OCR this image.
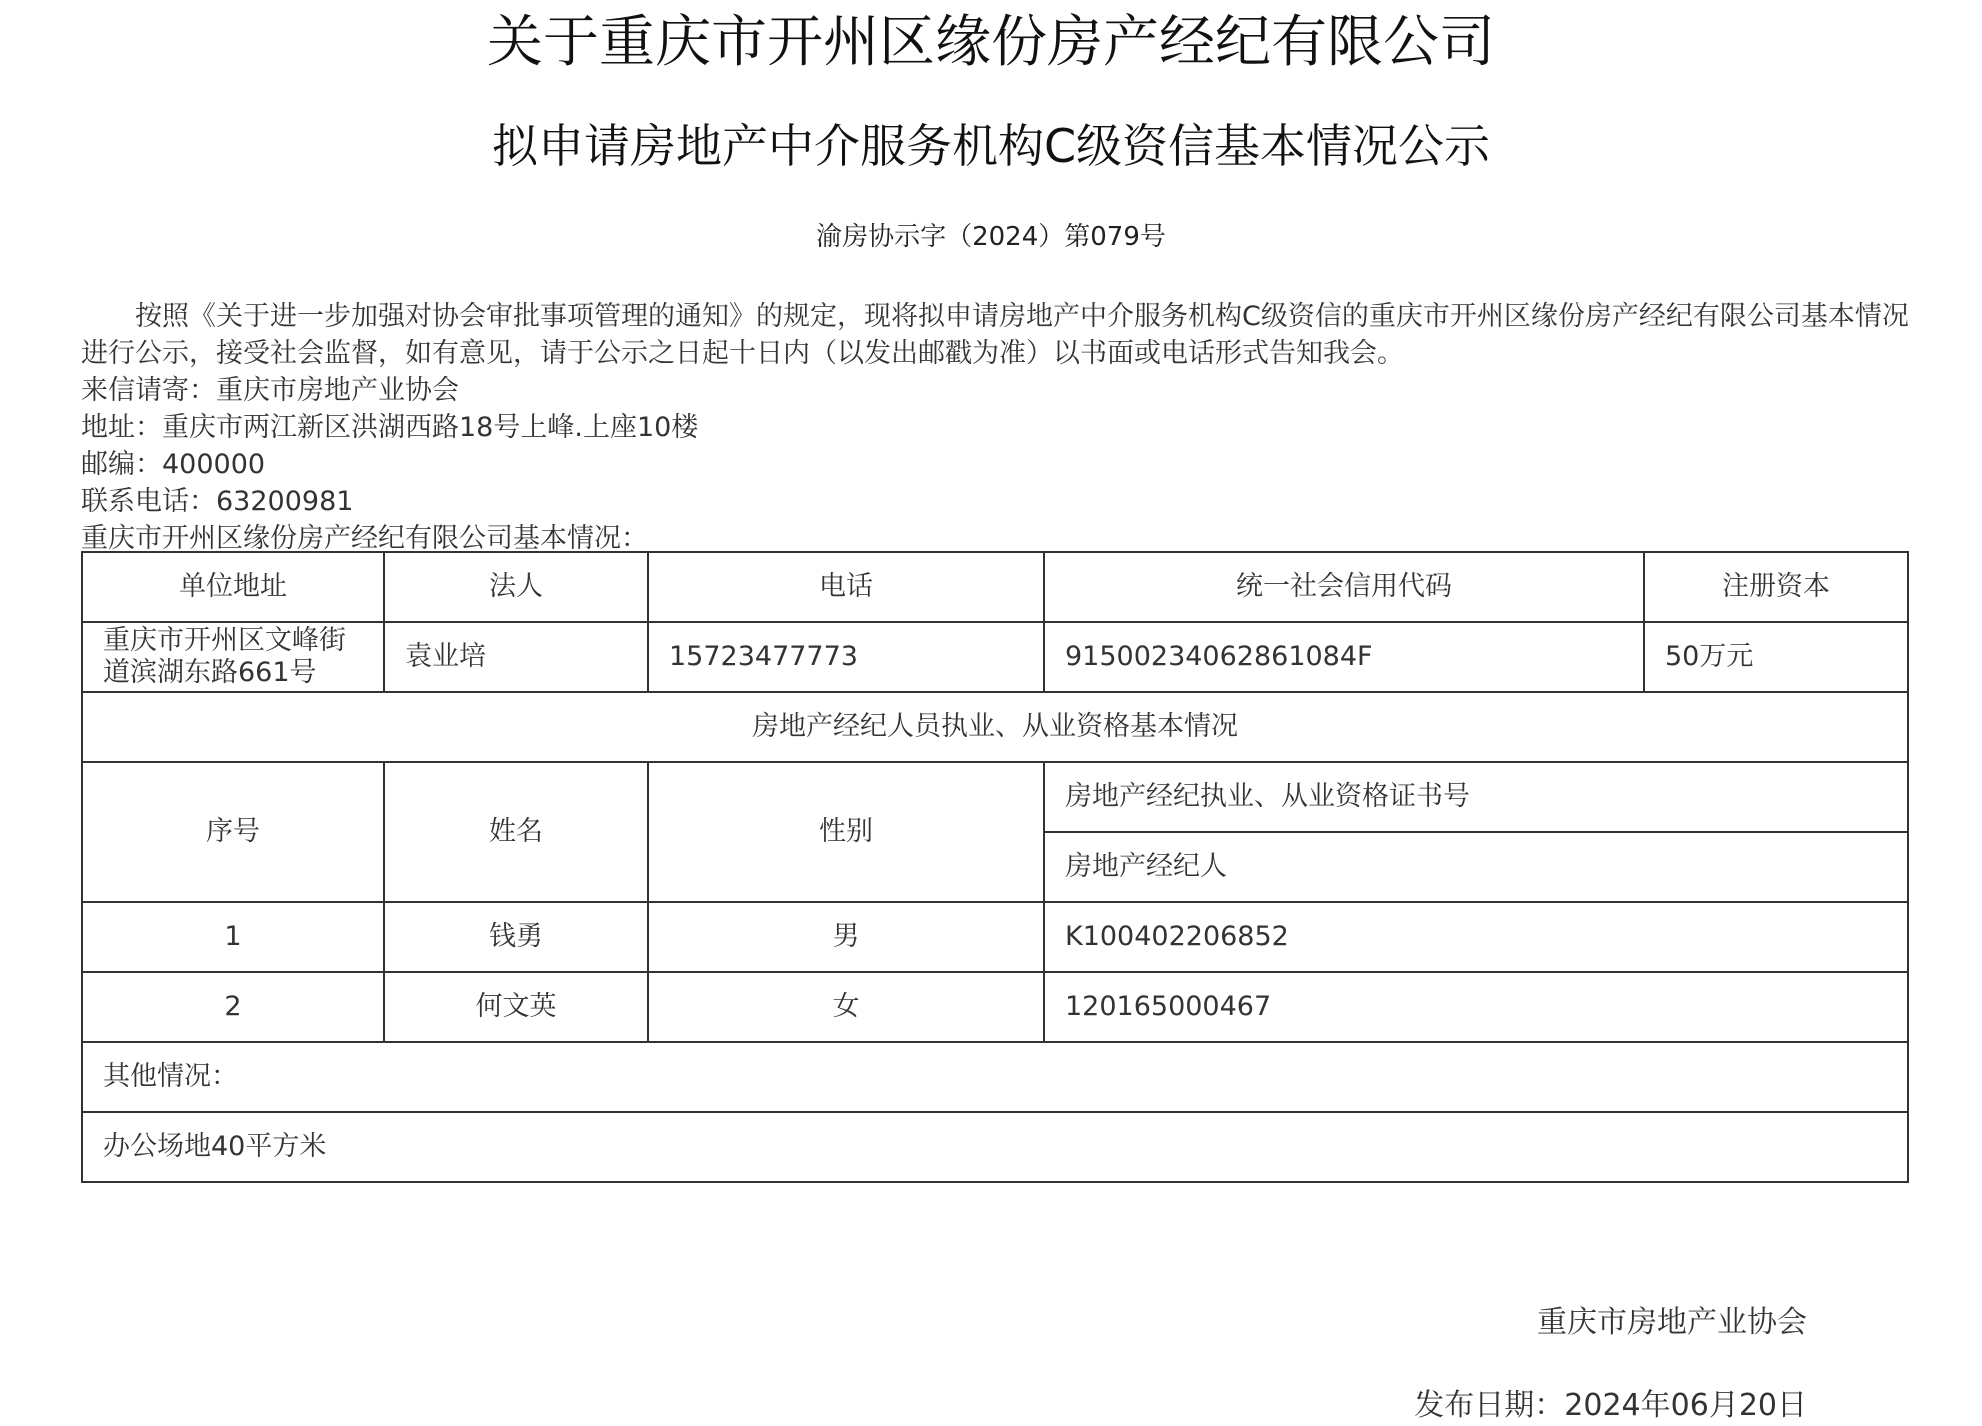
关于重庆市开州区缘份房产经纪有限公司
拟申请房地产中介服务机构C级资信基本情况公示
渝房协示字（2024）第079号

按照《关于进一步加强对协会审批事项管理的通知》的规定，现将拟申请房地产中介服务机构C级资信的重庆市开州区缘份房产经纪有限公司基本情况进行公示，接受社会监督，如有意见，请于公示之日起十日内（以发出邮戳为准）以书面或电话形式告知我会。

来信请寄：重庆市房地产业协会

地址：重庆市两江新区洪湖西路18号上峰.上座10楼

邮编：400000

联系电话：63200981

重庆市开州区缘份房产经纪有限公司基本情况：

单位地址	法人	电话	统一社会信用代码	注册资本
重庆市开州区文峰街道滨湖东路661号	袁业培	15723477773	91500234062861084F	50万元
房地产经纪人员执业、从业资格基本情况				
序号	姓名	性别	房地产经纪执业、从业资格证书号	
			房地产经纪人	
1	钱勇	男	K100402206852	
2	何文英	女	120165000467	
其他情况：				
办公场地40平方米				
重庆市房地产业协会
发布日期：2024年06月20日
